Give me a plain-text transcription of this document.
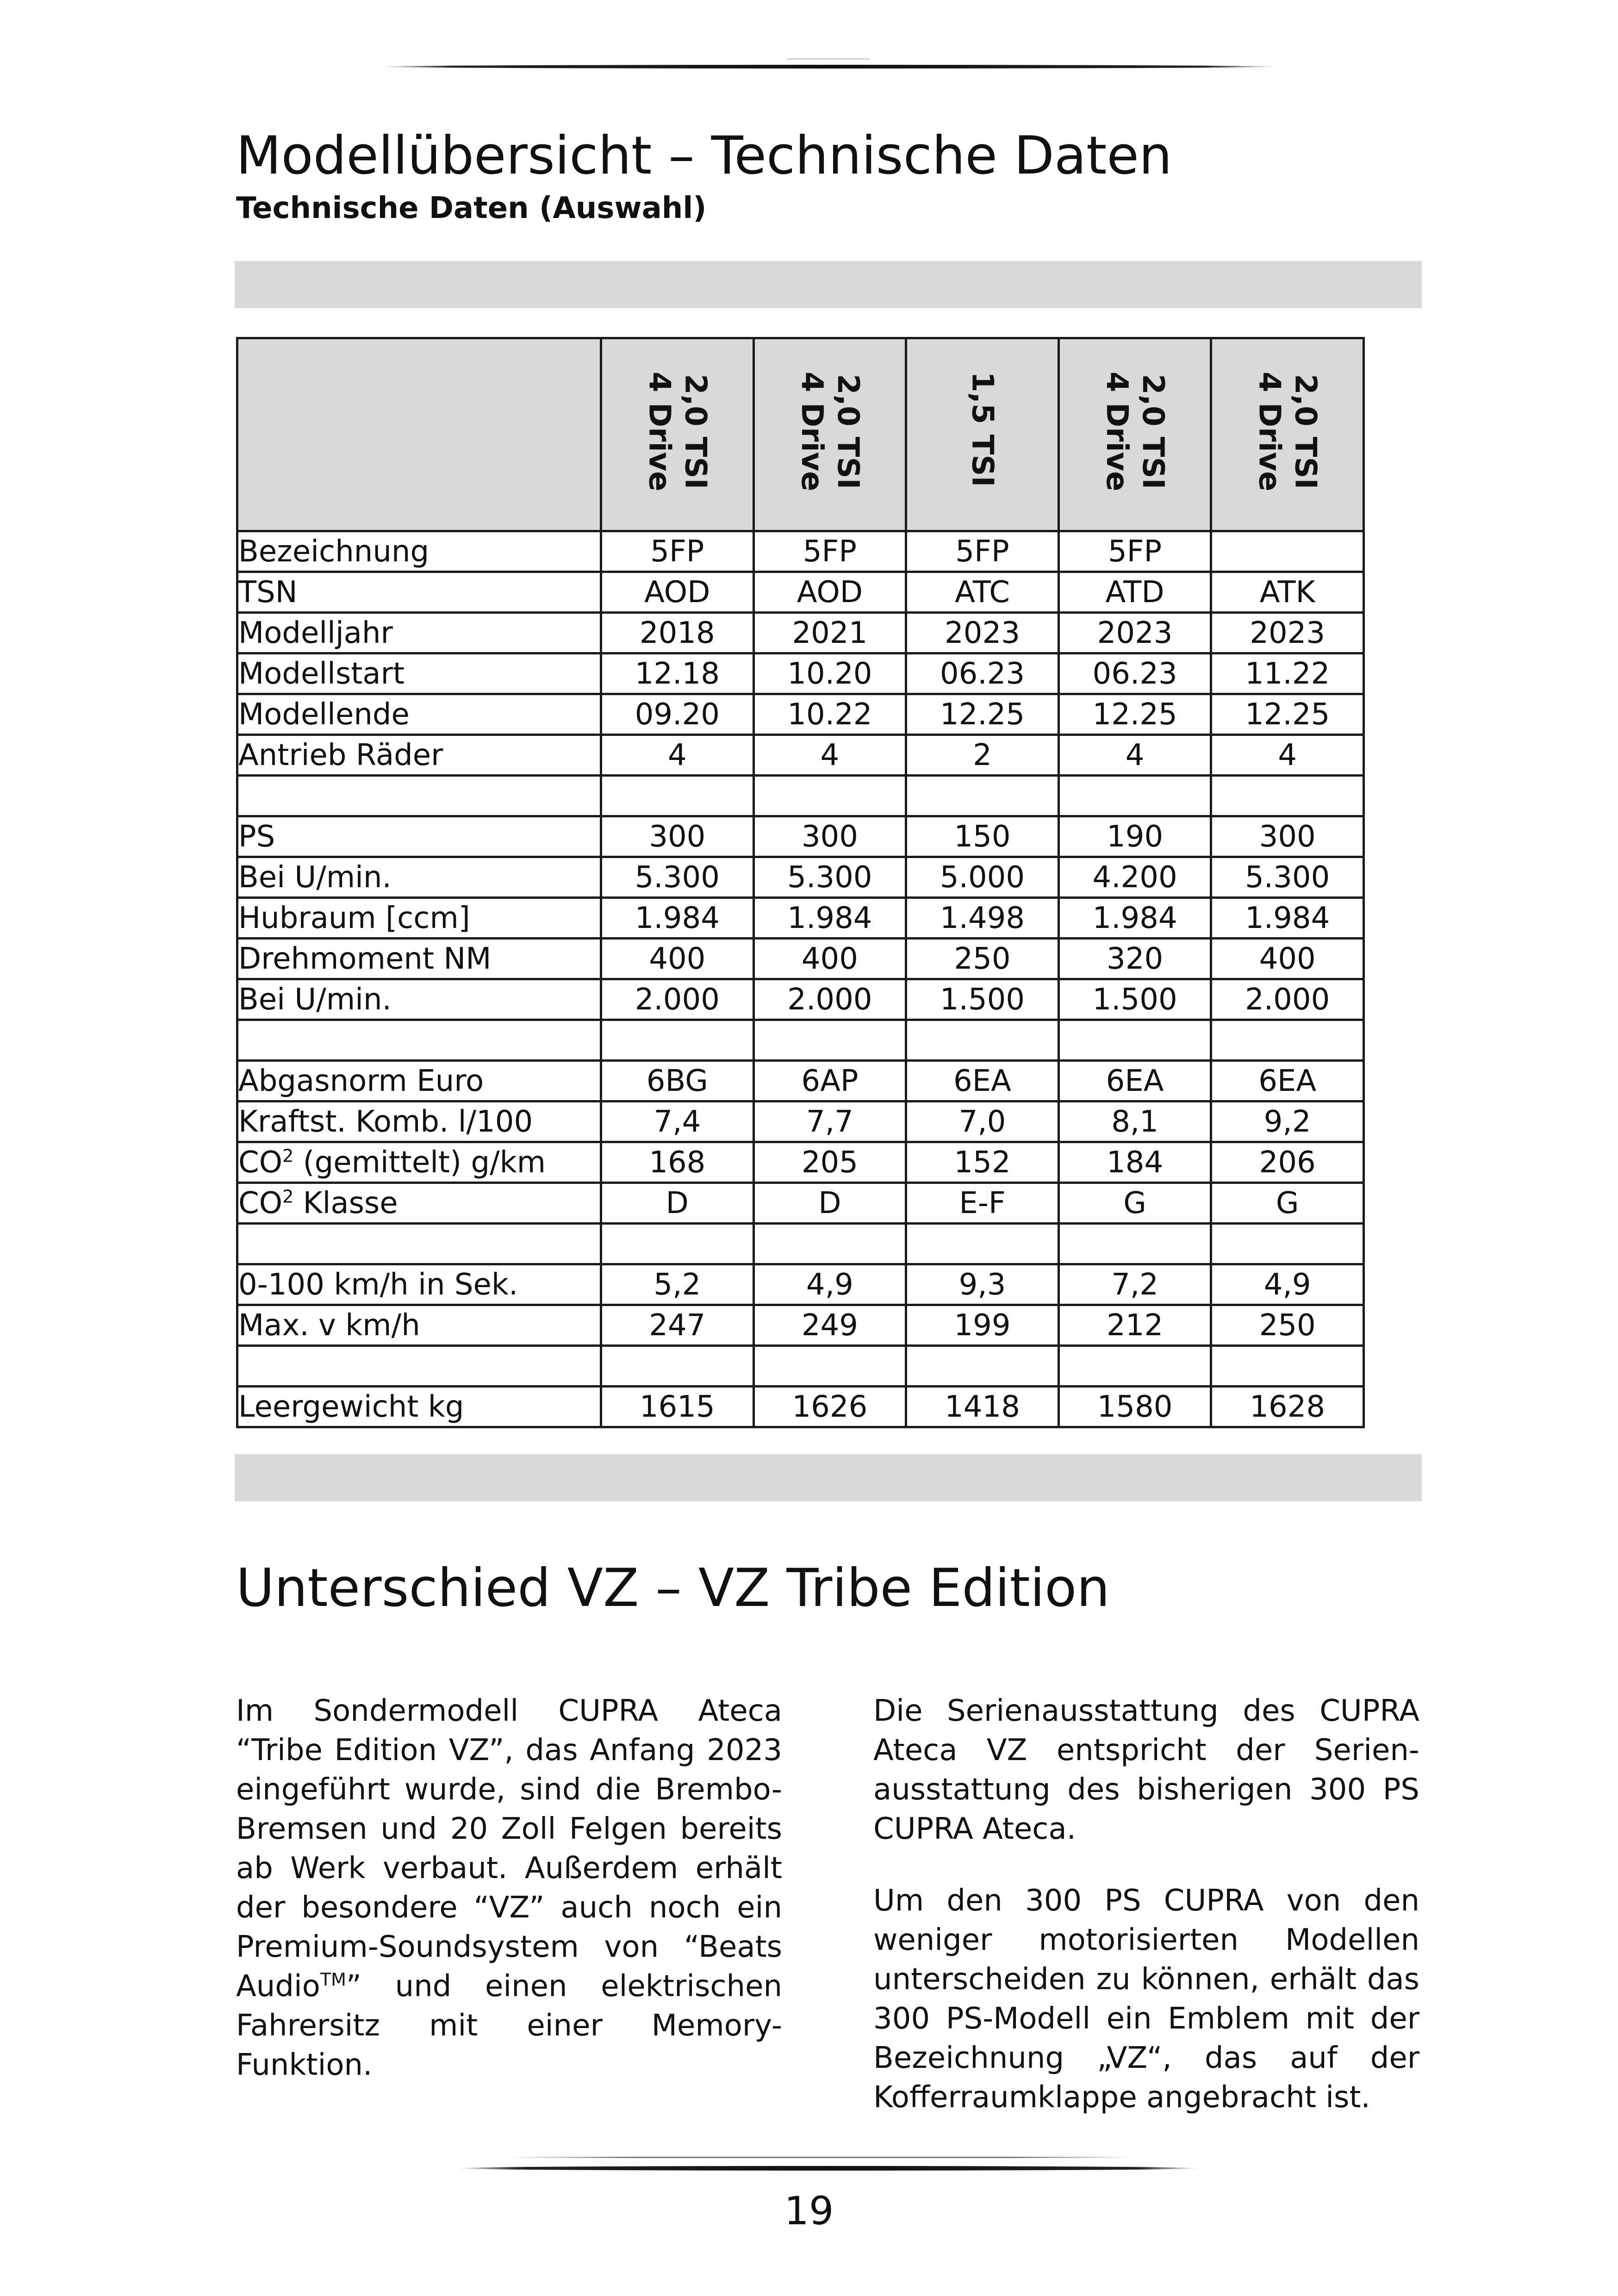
Modellübersicht – Technische Daten

Technische Daten (Auswahl)

	2,0 TSI
4 Drive	2,0 TSI
4 Drive	1,5 TSI	2,0 TSI
4 Drive	2,0 TSI
4 Drive

Bezeichnung	5FP	5FP	5FP	5FP	
TSN	AOD	AOD	ATC	ATD	ATK
Modelljahr	2018	2021	2023	2023	2023
Modellstart	12.18	10.20	06.23	06.23	11.22
Modellende	09.20	10.22	12.25	12.25	12.25
Antrieb Räder	4	4	2	4	4

PS	300	300	150	190	300
Bei U/min.	5.300	5.300	5.000	4.200	5.300
Hubraum [ccm]	1.984	1.984	1.498	1.984	1.984
Drehmoment NM	400	400	250	320	400
Bei U/min.	2.000	2.000	1.500	1.500	2.000

Abgasnorm Euro	6BG	6AP	6EA	6EA	6EA
Kraftst. Komb. l/100	7,4	7,7	7,0	8,1	9,2
$CO^2$ (gemittelt) g/km	168	205	152	184	206
$CO^2$ Klasse	D	D	E-F	G	G

0-100 km/h in Sek.	5,2	4,9	9,3	7,2	4,9
Max. v km/h	247	249	199	212	250

Leergewicht kg	1615	1626	1418	1580	1628
Unterschied VZ – VZ Tribe Edition

Im Sondermodell CUPRA Ateca “Tribe Edition VZ”, das Anfang 2023 eingeführt wurde, sind die Brembo-Bremsen und 20 Zoll Felgen bereits ab Werk verbaut. Außerdem erhält der besondere “VZ” auch noch ein Premium-Soundsystem von “Beats Audio™” und einen elektrischen Fahrersitz mit einer Memory-Funktion.

Die Serienausstattung des CUPRA Ateca VZ entspricht der Serienausstattung des bisherigen 300 PS CUPRA Ateca.

Um den 300 PS CUPRA von den weniger motorisierten Modellen unterscheiden zu können, erhält das 300 PS-Modell ein Emblem mit der Bezeichnung „VZ“, das auf der Kofferraumklappe angebracht ist.

19
